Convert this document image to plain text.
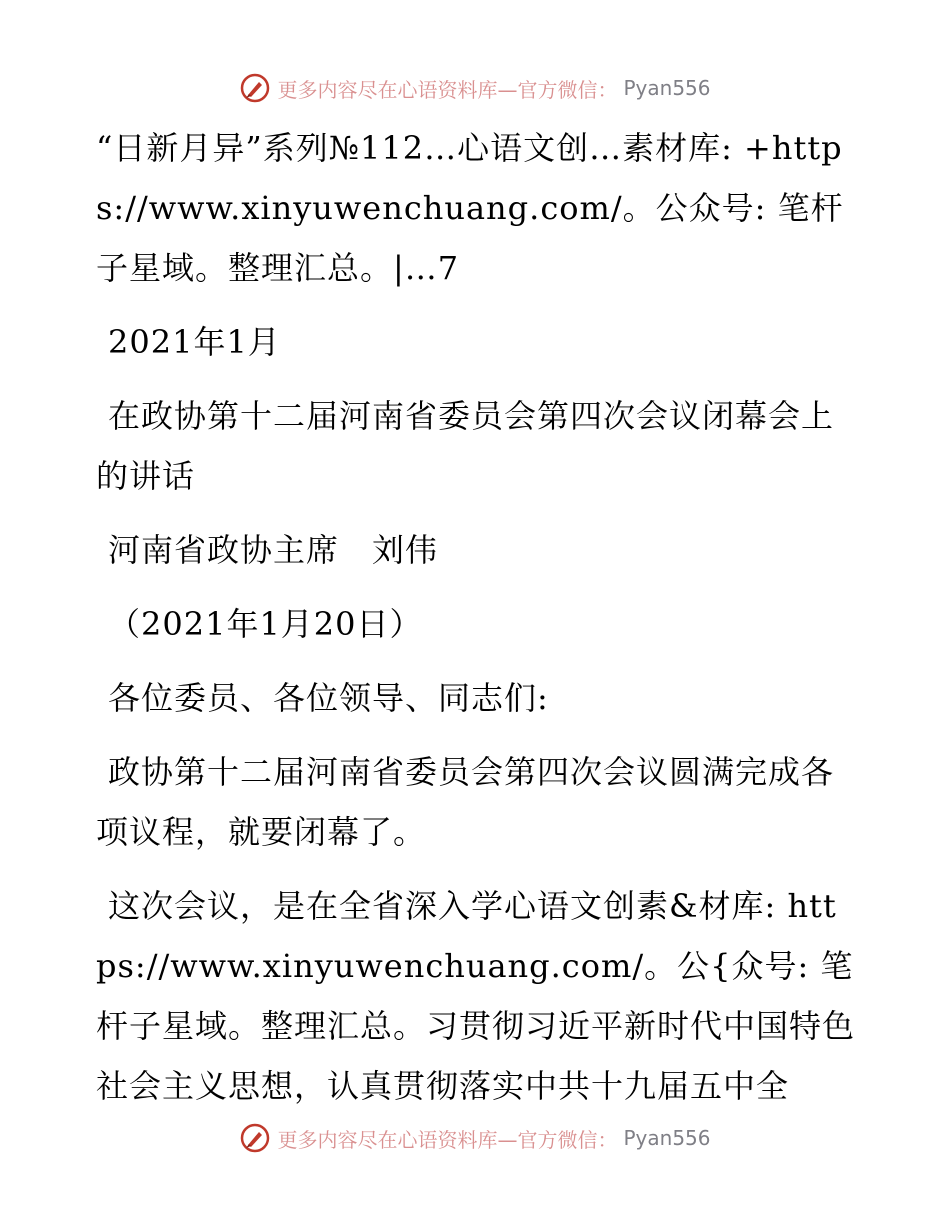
更多内容尽在心语资料库—官方微信： Pyan556

“日新月异”系列№112…心语文创…素材库: +https://www.xinyuwenchuang.com/。公众号: 笔杆子星域。整理汇总。|…7

2021年1月

在政协第十二届河南省委员会第四次会议闭幕会上的讲话

河南省政协主席　刘伟

（2021年1月20日）

各位委员、各位领导、同志们:

政协第十二届河南省委员会第四次会议圆满完成各项议程，就要闭幕了。

这次会议，是在全省深入学心语文创素&材库: https://www.xinyuwenchuang.com/。公{众号: 笔杆子星域。整理汇总。习贯彻习近平新时代中国特色社会主义思想，认真贯彻落实中共十九届五中全

更多内容尽在心语资料库—官方微信： Pyan556
